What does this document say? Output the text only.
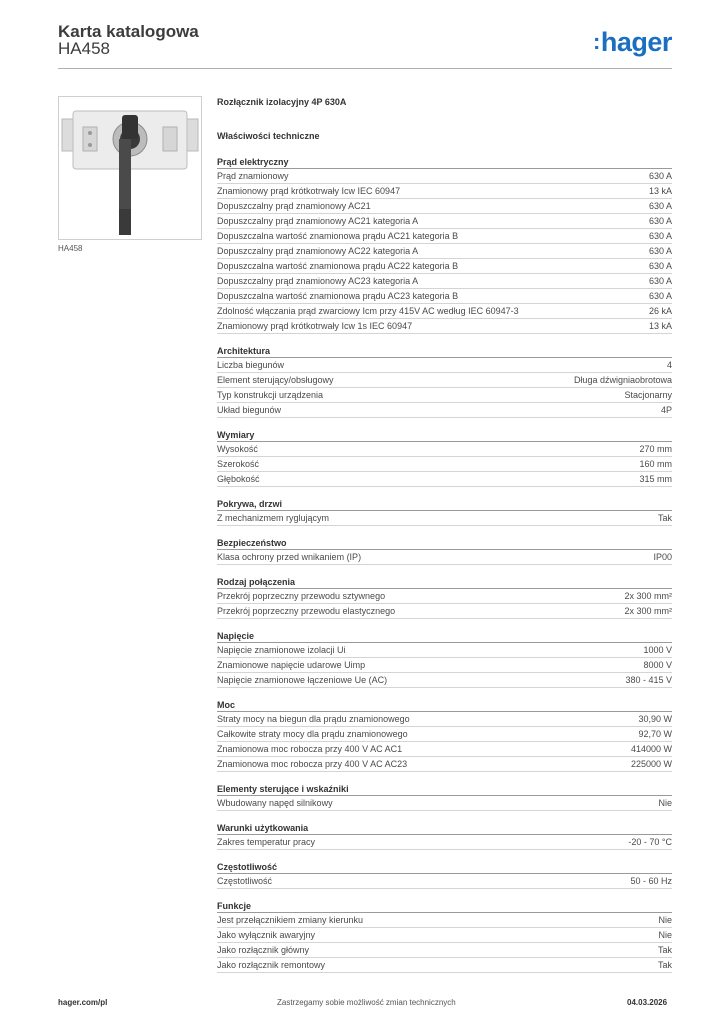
Karta katalogowa
HA458	:hager
HA458
Rozłącznik izolacyjny 4P 630A
Właściwości techniczne
Prąd elektryczny
Prąd znamionowy	630 A
Znamionowy prąd krótkotrwały Icw IEC 60947	13 kA
Dopuszczalny prąd znamionowy AC21	630 A
Dopuszczalny prąd znamionowy AC21 kategoria A	630 A
Dopuszczalna wartość znamionowa prądu AC21 kategoria B	630 A
Dopuszczalny prąd znamionowy AC22 kategoria A	630 A
Dopuszczalna wartość znamionowa prądu AC22 kategoria B	630 A
Dopuszczalny prąd znamionowy AC23 kategoria A	630 A
Dopuszczalna wartość znamionowa prądu AC23 kategoria B	630 A
Zdolność włączania prąd zwarciowy Icm przy 415V AC według IEC 60947-3	26 kA
Znamionowy prąd krótkotrwały Icw 1s IEC 60947	13 kA
Architektura
Liczba biegunów	4
Element sterujący/obsługowy	Długa dźwigniaobrotowa
Typ konstrukcji urządzenia	Stacjonarny
Układ biegunów	4P
Wymiary
Wysokość	270 mm
Szerokość	160 mm
Głębokość	315 mm
Pokrywa, drzwi
Z mechanizmem ryglującym	Tak
Bezpieczeństwo
Klasa ochrony przed wnikaniem (IP)	IP00
Rodzaj połączenia
Przekrój poprzeczny przewodu sztywnego	2x 300 mm²
Przekrój poprzeczny przewodu elastycznego	2x 300 mm²
Napięcie
Napięcie znamionowe izolacji Ui	1000 V
Znamionowe napięcie udarowe Uimp	8000 V
Napięcie znamionowe łączeniowe Ue (AC)	380 - 415 V
Moc
Straty mocy na biegun dla prądu znamionowego	30,90 W
Całkowite straty mocy dla prądu znamionowego	92,70 W
Znamionowa moc robocza przy 400 V AC AC1	414000 W
Znamionowa moc robocza przy 400 V AC AC23	225000 W
Elementy sterujące i wskaźniki
Wbudowany napęd silnikowy	Nie
Warunki użytkowania
Zakres temperatur pracy	-20 - 70 °C
Częstotliwość
Częstotliwość	50 - 60 Hz
Funkcje
Jest przełącznikiem zmiany kierunku	Nie
Jako wyłącznik awaryjny	Nie
Jako rozłącznik główny	Tak
Jako rozłącznik remontowy	Tak
hager.com/pl	Zastrzegamy sobie możliwość zmian technicznych	04.03.2026
